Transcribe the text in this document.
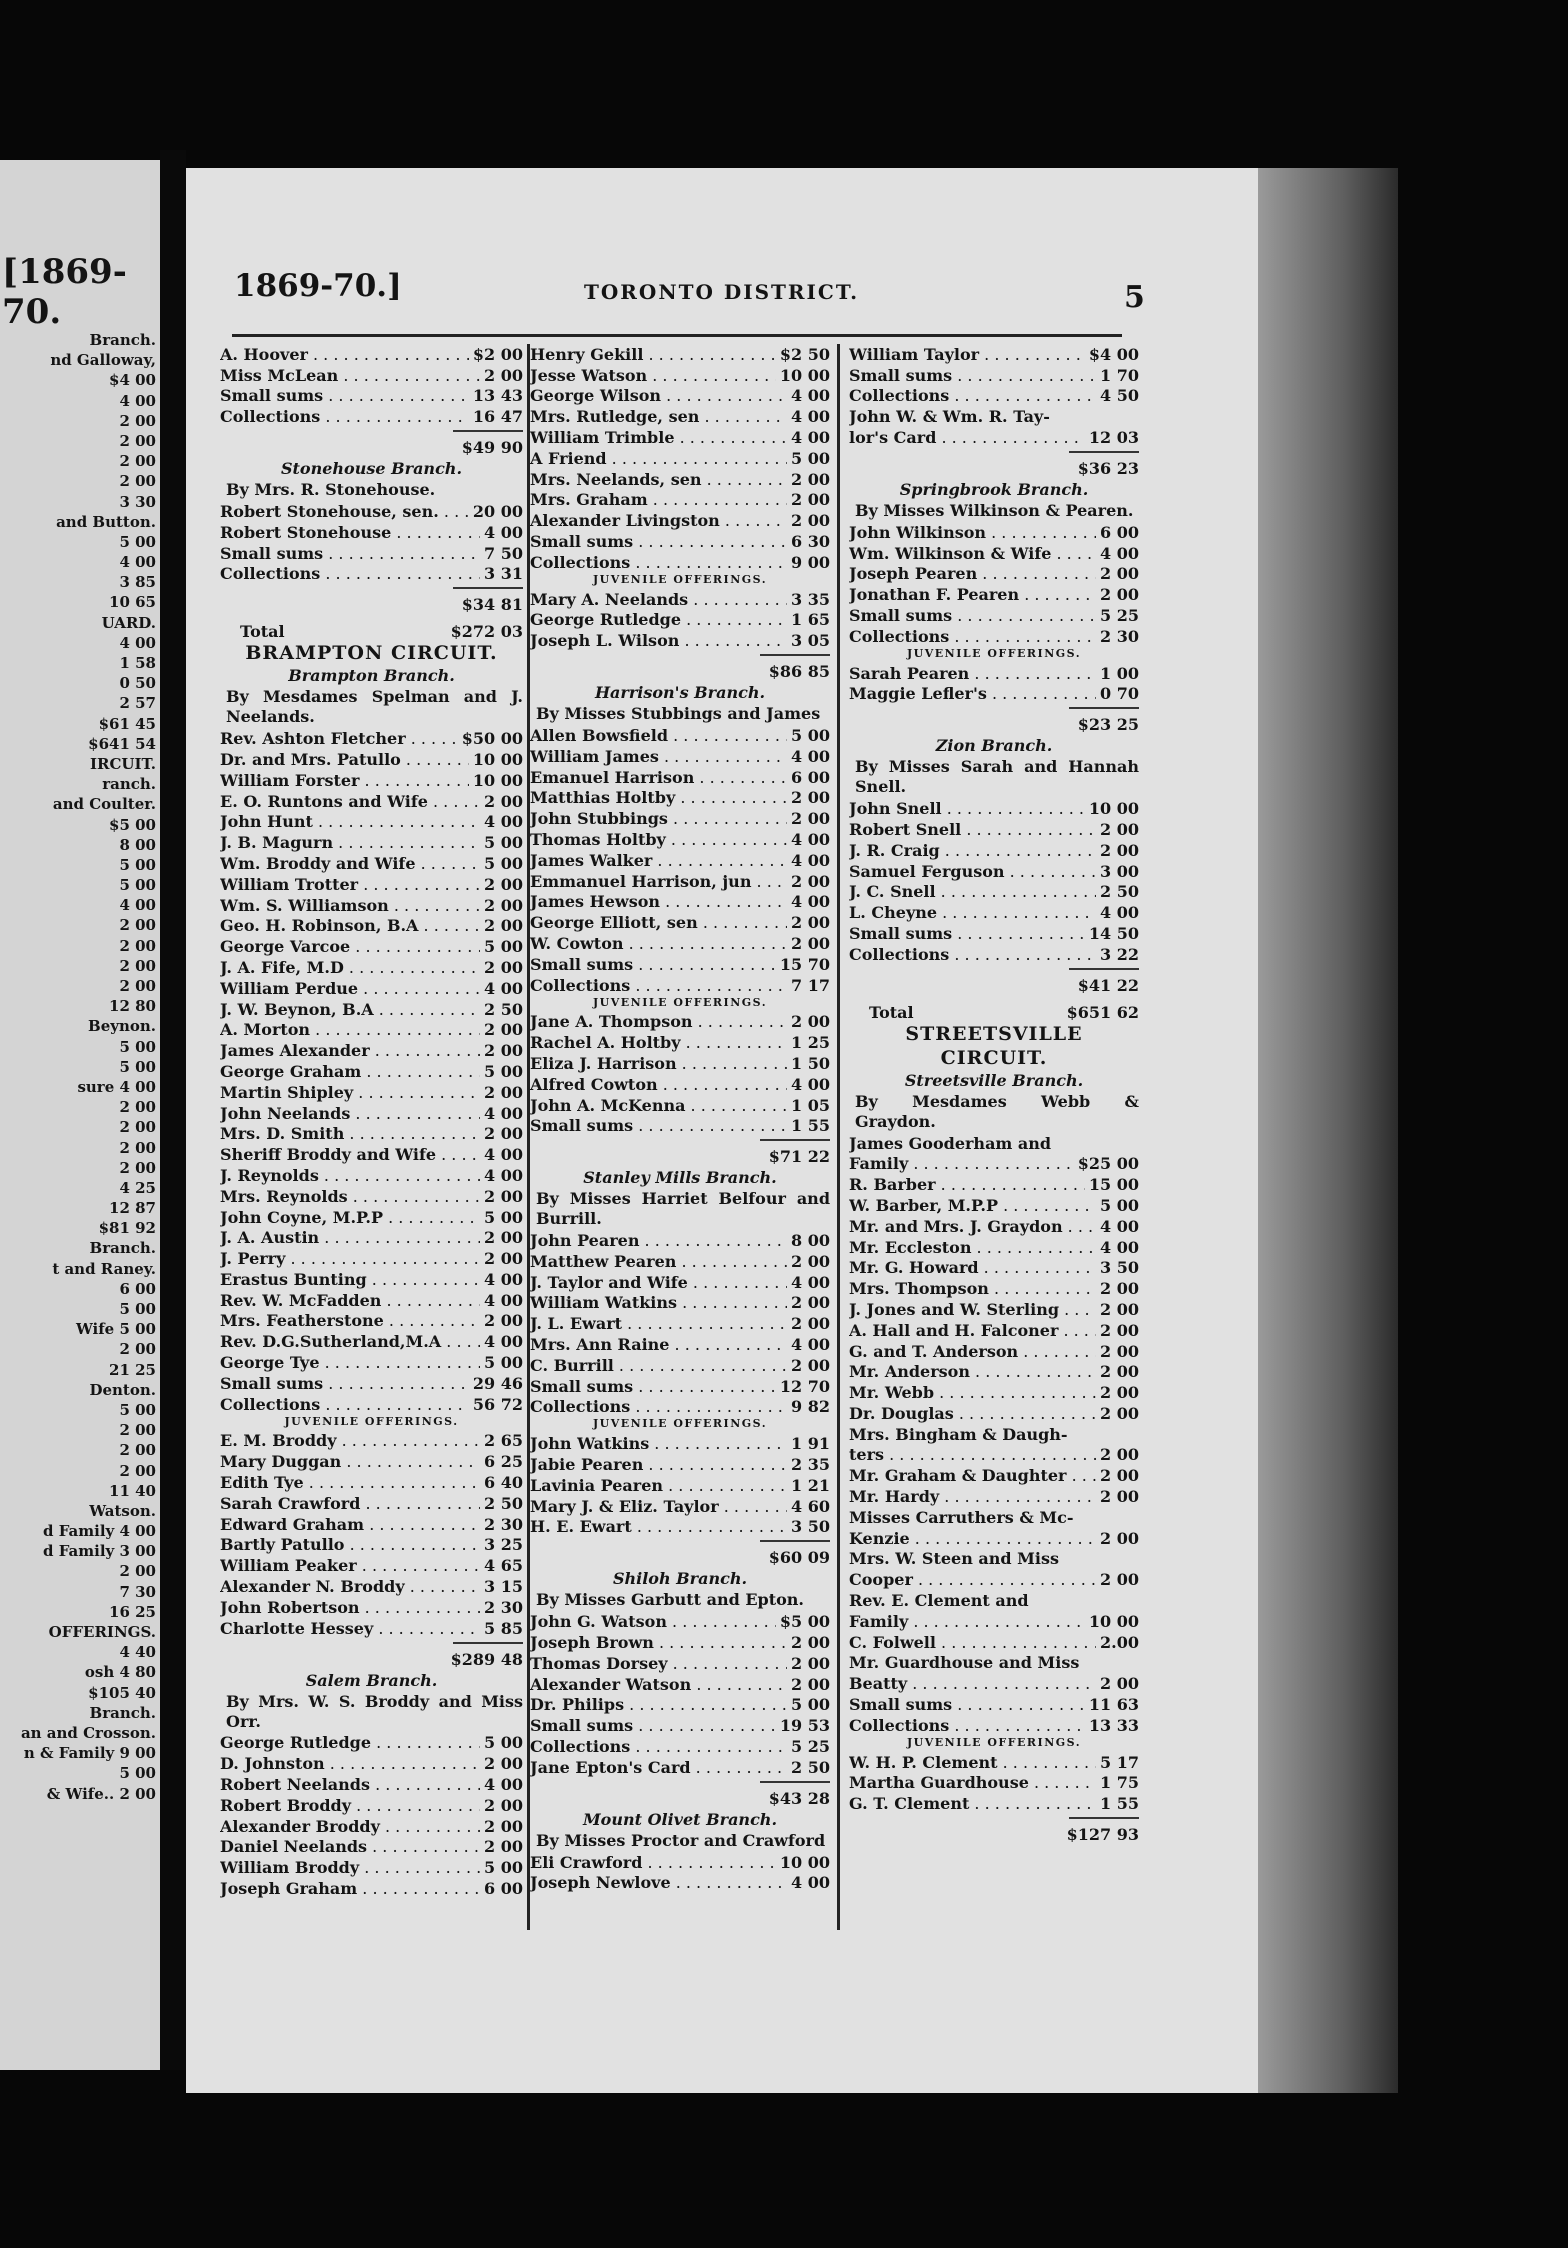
[1869-70.
Branch.
nd Galloway,
$4 00
4 00
2 00
2 00
2 00
2 00
3 30
and Button.
5 00
4 00
3 85
10 65
UARD.
4 00
1 58
0 50
2 57
$61 45
$641 54
IRCUIT.
ranch.
and Coulter.
$5 00
8 00
5 00
5 00
4 00
2 00
2 00
2 00
2 00
12 80
Beynon.
5 00
5 00
sure 4 00
2 00
2 00
2 00
2 00
4 25
12 87
$81 92
Branch.
t and Raney.
6 00
5 00
Wife 5 00
2 00
21 25
Denton.
5 00
2 00
2 00
2 00
11 40
Watson.
d Family 4 00
d Family 3 00
2 00
7 30
16 25
OFFERINGS.
4 40
osh 4 80
$105 40
Branch.
an and Crosson.
n & Family 9 00
5 00
& Wife.. 2 00
1869-70.]	TORONTO DISTRICT.	5
A. Hoover . . .	$2 00
Miss McLean . . .	2 00
Small sums . . .	13 43
Collections . . .	16 47
$49 90
Stonehouse Branch.
By Mrs. R. Stonehouse.
Robert Stonehouse, sen. . . .	20 00
Robert Stonehouse . . .	4 00
Small sums . . .	7 50
Collections . . .	3 31
$34 81
Total	$272 03
BRAMPTON CIRCUIT.
Brampton Branch.
By Mesdames Spelman and J. Neelands.
Rev. Ashton Fletcher . . .	$50 00
Dr. and Mrs. Patullo . . .	10 00
William Forster . . .	10 00
E. O. Runtons and Wife . . .	2 00
John Hunt . . .	4 00
J. B. Magurn . . .	5 00
Wm. Broddy and Wife . . .	5 00
William Trotter . . .	2 00
Wm. S. Williamson . . .	2 00
Geo. H. Robinson, B.A . . .	2 00
George Varcoe . . .	5 00
J. A. Fife, M.D . . .	2 00
William Perdue . . .	4 00
J. W. Beynon, B.A . . .	2 50
A. Morton . . .	2 00
James Alexander . . .	2 00
George Graham . . .	5 00
Martin Shipley . . .	2 00
John Neelands . . .	4 00
Mrs. D. Smith . . .	2 00
Sheriff Broddy and Wife . . .	4 00
J. Reynolds . . .	4 00
Mrs. Reynolds . . .	2 00
John Coyne, M.P.P . . .	5 00
J. A. Austin . . .	2 00
J. Perry . . .	2 00
Erastus Bunting . . .	4 00
Rev. W. McFadden . . .	4 00
Mrs. Featherstone . . .	2 00
Rev. D.G.Sutherland,M.A . . .	4 00
George Tye . . .	5 00
Small sums . . .	29 46
Collections . . .	56 72
JUVENILE OFFERINGS.
E. M. Broddy . . .	2 65
Mary Duggan . . .	6 25
Edith Tye . . .	6 40
Sarah Crawford . . .	2 50
Edward Graham . . .	2 30
Bartly Patullo . . .	3 25
William Peaker . . .	4 65
Alexander N. Broddy . . .	3 15
John Robertson . . .	2 30
Charlotte Hessey . . .	5 85
$289 48
Salem Branch.
By Mrs. W. S. Broddy and Miss Orr.
George Rutledge . . .	5 00
D. Johnston . . .	2 00
Robert Neelands . . .	4 00
Robert Broddy . . .	2 00
Alexander Broddy . . .	2 00
Daniel Neelands . . .	2 00
William Broddy . . .	5 00
Joseph Graham . . .	6 00
Henry Gekill . . .	$2 50
Jesse Watson . . .	10 00
George Wilson . . .	4 00
Mrs. Rutledge, sen . . .	4 00
William Trimble . . .	4 00
A Friend . . .	5 00
Mrs. Neelands, sen . . .	2 00
Mrs. Graham . . .	2 00
Alexander Livingston . . .	2 00
Small sums . . .	6 30
Collections . . .	9 00
JUVENILE OFFERINGS.
Mary A. Neelands . . .	3 35
George Rutledge . . .	1 65
Joseph L. Wilson . . .	3 05
$86 85
Harrison's Branch.
By Misses Stubbings and James
Allen Bowsfield . . .	5 00
William James . . .	4 00
Emanuel Harrison . . .	6 00
Matthias Holtby . . .	2 00
John Stubbings . . .	2 00
Thomas Holtby . . .	4 00
James Walker . . .	4 00
Emmanuel Harrison, jun . . .	2 00
James Hewson . . .	4 00
George Elliott, sen . . .	2 00
W. Cowton . . .	2 00
Small sums . . .	15 70
Collections . . .	7 17
JUVENILE OFFERINGS.
Jane A. Thompson . . .	2 00
Rachel A. Holtby . . .	1 25
Eliza J. Harrison . . .	1 50
Alfred Cowton . . .	4 00
John A. McKenna . . .	1 05
Small sums . . .	1 55
$71 22
Stanley Mills Branch.
By Misses Harriet Belfour and Burrill.
John Pearen . . .	8 00
Matthew Pearen . . .	2 00
J. Taylor and Wife . . .	4 00
William Watkins . . .	2 00
J. L. Ewart . . .	2 00
Mrs. Ann Raine . . .	4 00
C. Burrill . . .	2 00
Small sums . . .	12 70
Collections . . .	9 82
JUVENILE OFFERINGS.
John Watkins . . .	1 91
Jabie Pearen . . .	2 35
Lavinia Pearen . . .	1 21
Mary J. & Eliz. Taylor . . .	4 60
H. E. Ewart . . .	3 50
$60 09
Shiloh Branch.
By Misses Garbutt and Epton.
John G. Watson . . .	$5 00
Joseph Brown . . .	2 00
Thomas Dorsey . . .	2 00
Alexander Watson . . .	2 00
Dr. Philips . . .	5 00
Small sums . . .	19 53
Collections . . .	5 25
Jane Epton's Card . . .	2 50
$43 28
Mount Olivet Branch.
By Misses Proctor and Crawford
Eli Crawford . . .	10 00
Joseph Newlove . . .	4 00
William Taylor . . .	$4 00
Small sums . . .	1 70
Collections . . .	4 50
John W. & Wm. R. Tay-
lor's Card . . .	12 03
$36 23
Springbrook Branch.
By Misses Wilkinson & Pearen.
John Wilkinson . . .	6 00
Wm. Wilkinson & Wife . . .	4 00
Joseph Pearen . . .	2 00
Jonathan F. Pearen . . .	2 00
Small sums . . .	5 25
Collections . . .	2 30
JUVENILE OFFERINGS.
Sarah Pearen . . .	1 00
Maggie Lefler's . . .	0 70
$23 25
Zion Branch.
By Misses Sarah and Hannah Snell.
John Snell . . .	10 00
Robert Snell . . .	2 00
J. R. Craig . . .	2 00
Samuel Ferguson . . .	3 00
J. C. Snell . . .	2 50
L. Cheyne . . .	4 00
Small sums . . .	14 50
Collections . . .	3 22
$41 22
Total	$651 62
STREETSVILLE
CIRCUIT.
Streetsville Branch.
By Mesdames Webb & Graydon.
James Gooderham and
Family . . .	$25 00
R. Barber . . .	15 00
W. Barber, M.P.P . . .	5 00
Mr. and Mrs. J. Graydon . . .	4 00
Mr. Eccleston . . .	4 00
Mr. G. Howard . . .	3 50
Mrs. Thompson . . .	2 00
J. Jones and W. Sterling . . .	2 00
A. Hall and H. Falconer . . .	2 00
G. and T. Anderson . . .	2 00
Mr. Anderson . . .	2 00
Mr. Webb . . .	2 00
Dr. Douglas . . .	2 00
Mrs. Bingham & Daugh-
ters . . .	2 00
Mr. Graham & Daughter . . .	2 00
Mr. Hardy . . .	2 00
Misses Carruthers & Mc-
Kenzie . . .	2 00
Mrs. W. Steen and Miss
Cooper . . .	2 00
Rev. E. Clement and
Family . . .	10 00
C. Folwell . . .	2.00
Mr. Guardhouse and Miss
Beatty . . .	2 00
Small sums . . .	11 63
Collections . . .	13 33
JUVENILE OFFERINGS.
W. H. P. Clement . . .	5 17
Martha Guardhouse . . .	1 75
G. T. Clement . . .	1 55
$127 93
